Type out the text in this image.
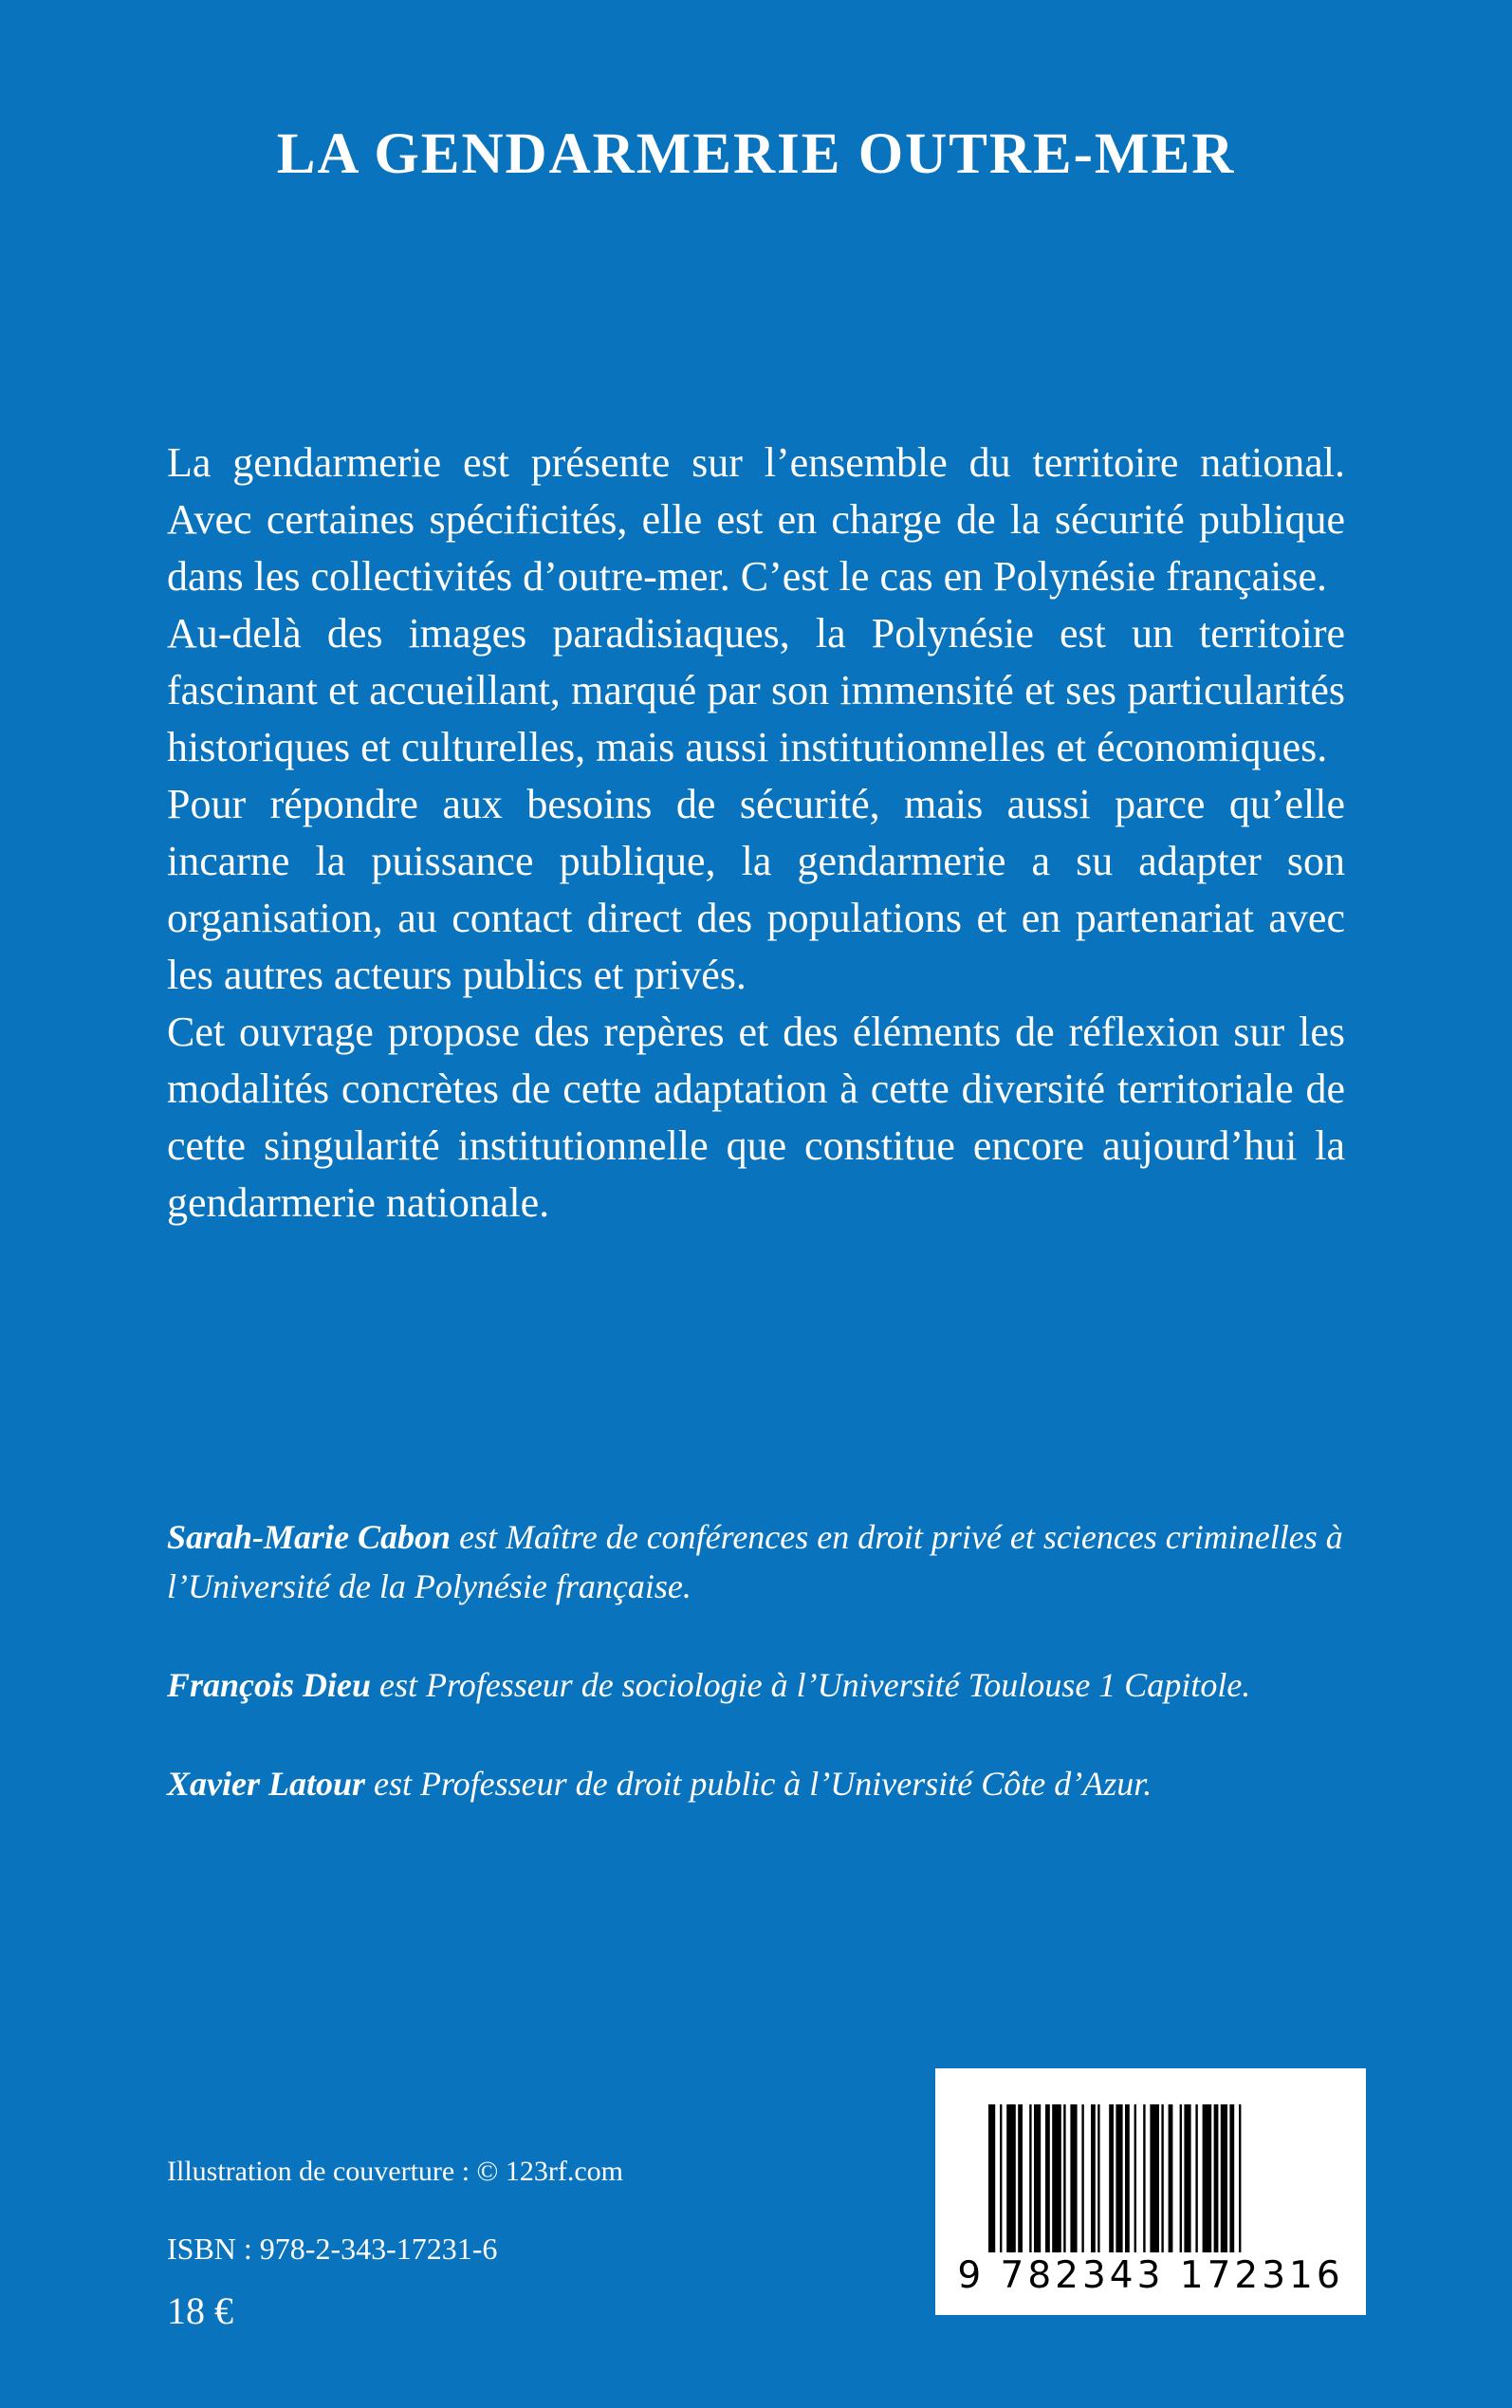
LA GENDARMERIE OUTRE-MER

La gendarmerie est présente sur l’ensemble du territoire national. Avec certaines spécificités, elle est en charge de la sécurité publique dans les collectivités d’outre-mer. C’est le cas en Polynésie française.

Au-delà des images paradisiaques, la Polynésie est un territoire fascinant et accueillant, marqué par son immensité et ses particularités historiques et culturelles, mais aussi institutionnelles et économiques.

Pour répondre aux besoins de sécurité, mais aussi parce qu’elle incarne la puissance publique, la gendarmerie a su adapter son organisation, au contact direct des populations et en partenariat avec les autres acteurs publics et privés.

Cet ouvrage propose des repères et des éléments de réflexion sur les modalités concrètes de cette adaptation à cette diversité territoriale de cette singularité institutionnelle que constitue encore aujourd’hui la gendarmerie nationale.

Sarah-Marie Cabon est Maître de conférences en droit privé et sciences criminelles à l’Université de la Polynésie française.

François Dieu est Professeur de sociologie à l’Université Toulouse 1 Capitole.

Xavier Latour est Professeur de droit public à l’Université Côte d’Azur.

Illustration de couverture : © 123rf.com
ISBN : 978-2-343-17231-6
18 €
9 782343 172316
